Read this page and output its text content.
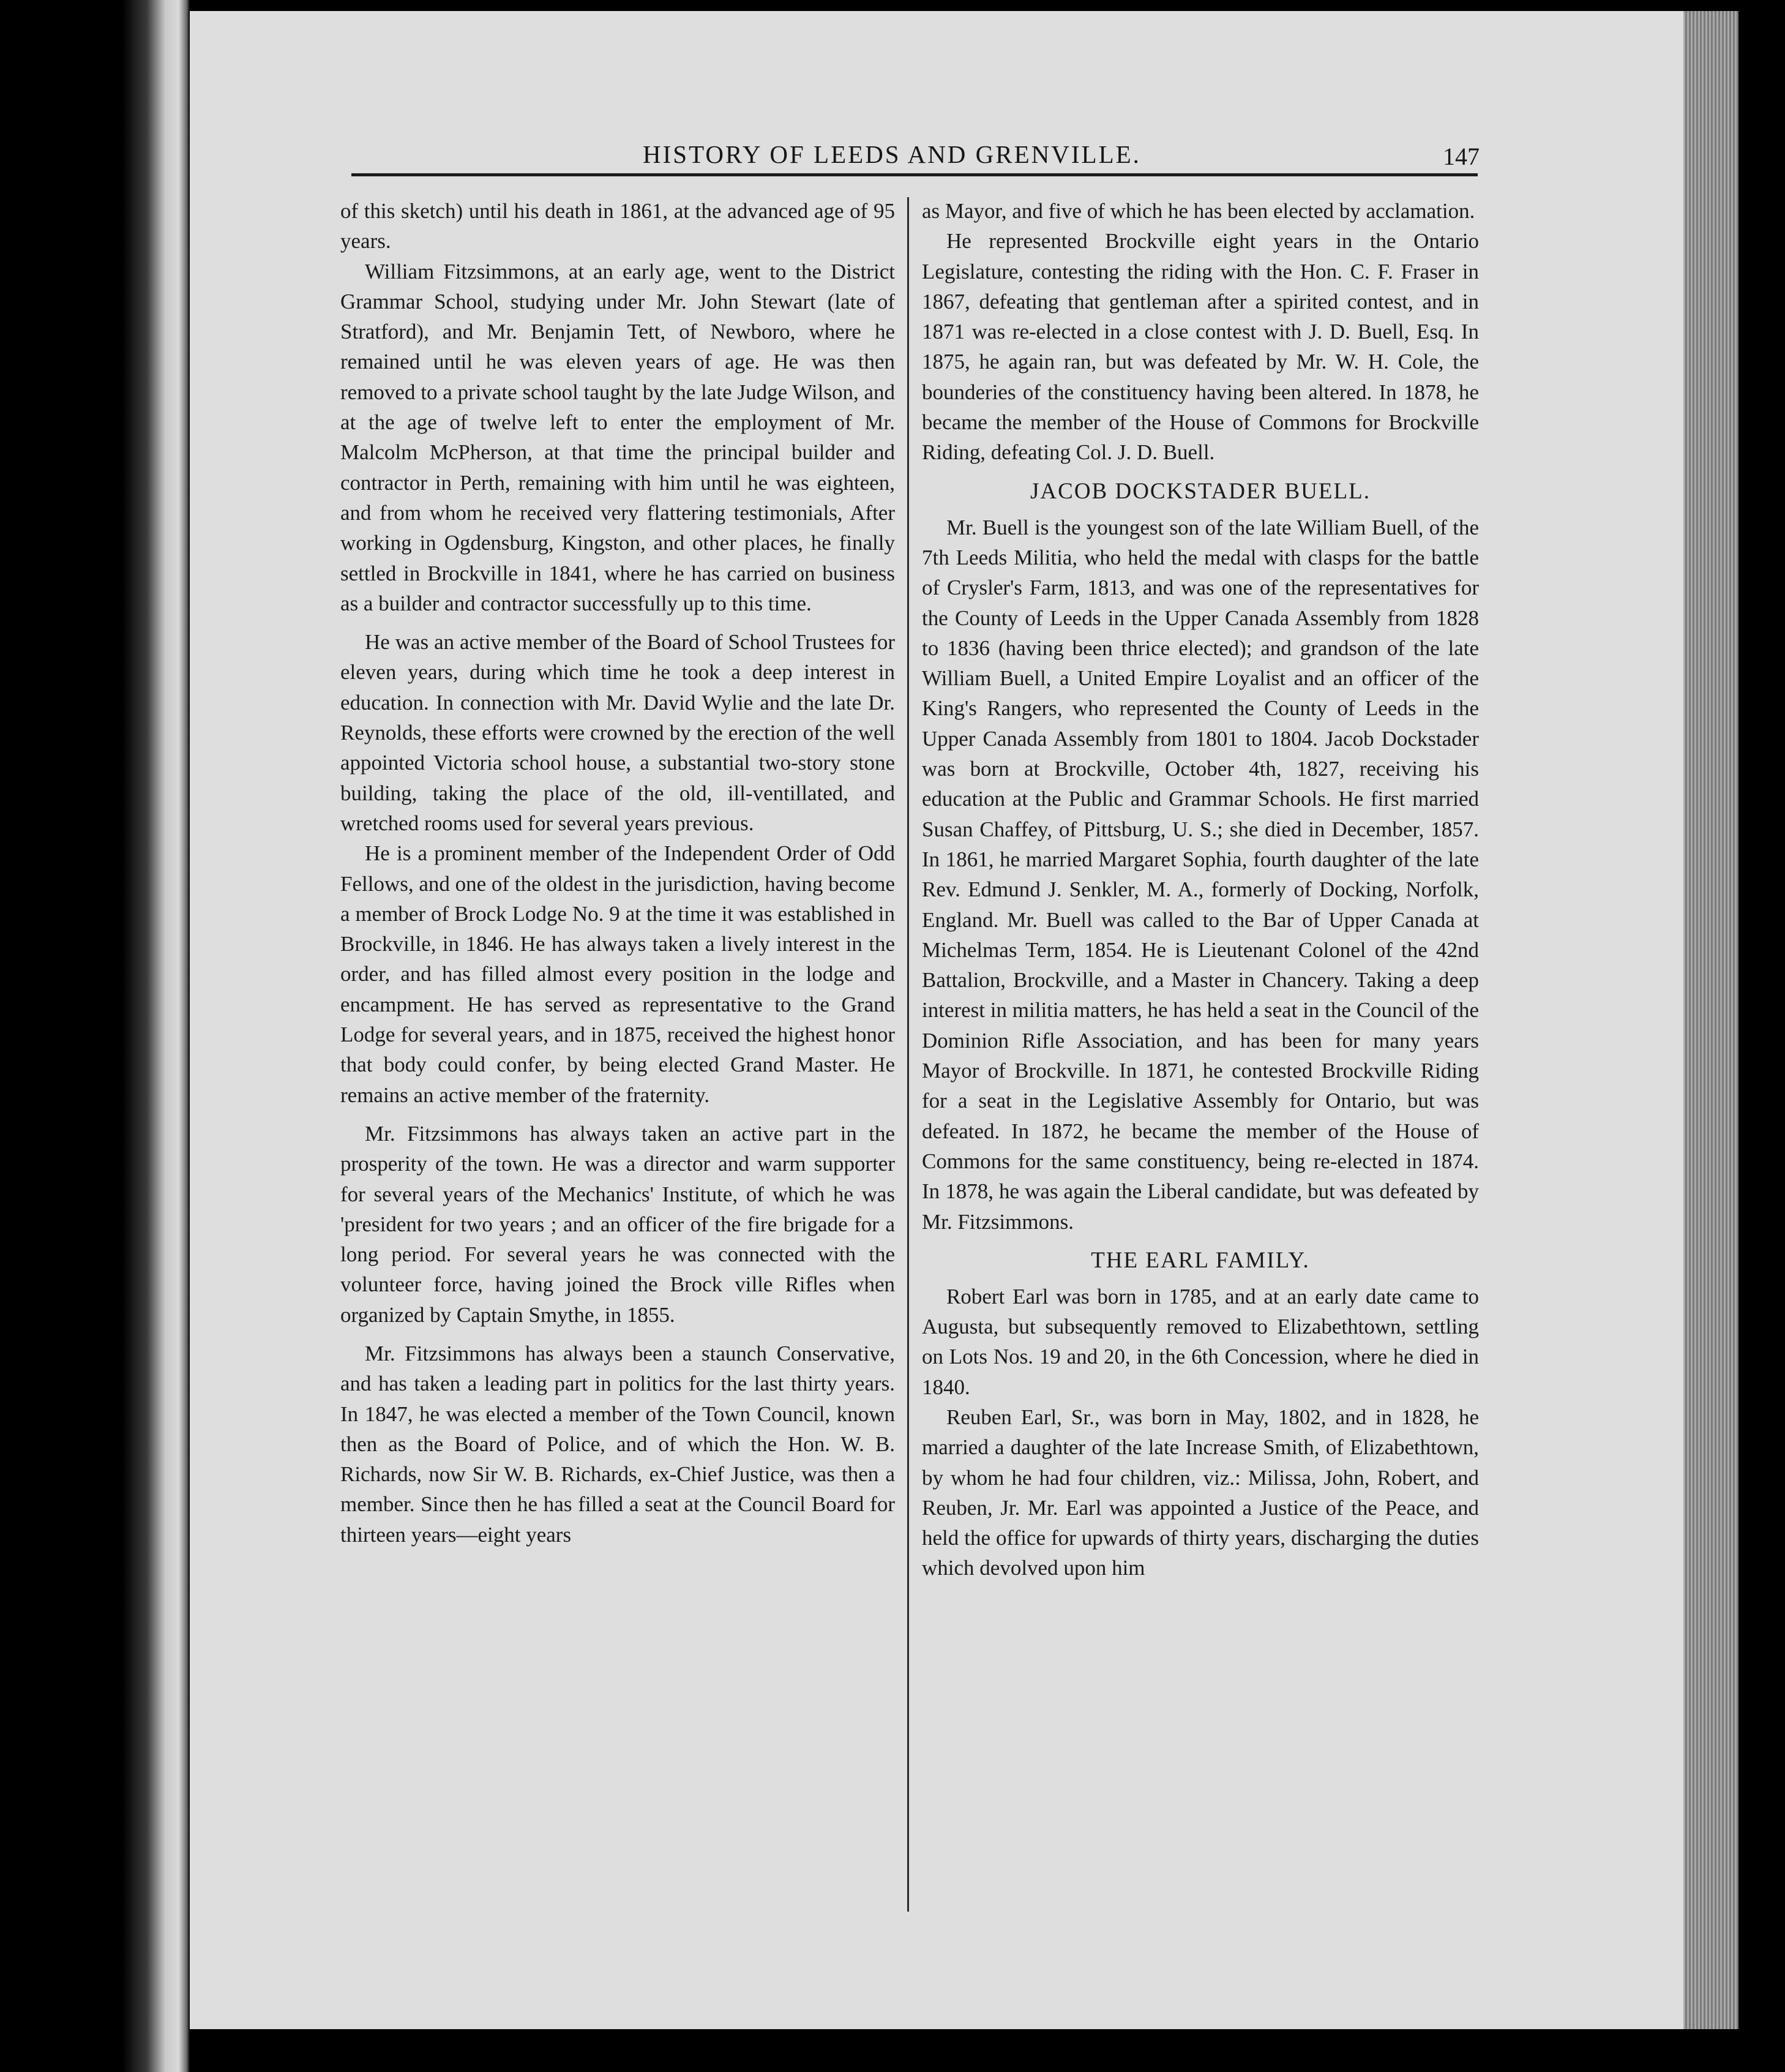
HISTORY OF LEEDS AND GRENVILLE.	147

of this sketch) until his death in 1861, at the advanced age of 95 years.

William Fitzsimmons, at an early age, went to the District Grammar School, studying under Mr. John Stewart (late of Stratford), and Mr. Benjamin Tett, of Newboro, where he remained until he was eleven years of age. He was then removed to a private school taught by the late Judge Wilson, and at the age of twelve left to enter the employment of Mr. Malcolm McPherson, at that time the principal builder and contractor in Perth, remaining with him until he was eighteen, and from whom he received very flattering testimonials, After working in Ogdensburg, Kingston, and other places, he finally settled in Brockville in 1841, where he has carried on business as a builder and contractor successfully up to this time.

He was an active member of the Board of School Trustees for eleven years, during which time he took a deep interest in education. In connection with Mr. David Wylie and the late Dr. Reynolds, these efforts were crowned by the erection of the well appointed Victoria school house, a substantial two-story stone building, taking the place of the old, ill-ventillated, and wretched rooms used for several years previous.

He is a prominent member of the Independent Order of Odd Fellows, and one of the oldest in the jurisdiction, having become a member of Brock Lodge No. 9 at the time it was established in Brockville, in 1846. He has always taken a lively interest in the order, and has filled almost every position in the lodge and encampment. He has served as representative to the Grand Lodge for several years, and in 1875, received the highest honor that body could confer, by being elected Grand Master. He remains an active member of the fraternity.

Mr. Fitzsimmons has always taken an active part in the prosperity of the town. He was a director and warm supporter for several years of the Mechanics' Institute, of which he was 'president for two years ; and an officer of the fire brigade for a long period. For several years he was connected with the volunteer force, having joined the Brock ville Rifles when organized by Captain Smythe, in 1855.

Mr. Fitzsimmons has always been a staunch Conservative, and has taken a leading part in politics for the last thirty years. In 1847, he was elected a member of the Town Council, known then as the Board of Police, and of which the Hon. W. B. Richards, now Sir W. B. Richards, ex-Chief Justice, was then a member. Since then he has filled a seat at the Council Board for thirteen years—eight years

as Mayor, and five of which he has been elected by acclamation.

He represented Brockville eight years in the Ontario Legislature, contesting the riding with the Hon. C. F. Fraser in 1867, defeating that gentleman after a spirited contest, and in 1871 was re-elected in a close contest with J. D. Buell, Esq. In 1875, he again ran, but was defeated by Mr. W. H. Cole, the bounderies of the constituency having been altered. In 1878, he became the member of the House of Commons for Brockville Riding, defeating Col. J. D. Buell.

JACOB DOCKSTADER BUELL.

Mr. Buell is the youngest son of the late William Buell, of the 7th Leeds Militia, who held the medal with clasps for the battle of Crysler's Farm, 1813, and was one of the representatives for the County of Leeds in the Upper Canada Assembly from 1828 to 1836 (having been thrice elected); and grandson of the late William Buell, a United Empire Loyalist and an officer of the King's Rangers, who represented the County of Leeds in the Upper Canada Assembly from 1801 to 1804. Jacob Dockstader was born at Brockville, October 4th, 1827, receiving his education at the Public and Grammar Schools. He first married Susan Chaffey, of Pittsburg, U. S.; she died in December, 1857. In 1861, he married Margaret Sophia, fourth daughter of the late Rev. Edmund J. Senkler, M. A., formerly of Docking, Norfolk, England. Mr. Buell was called to the Bar of Upper Canada at Michelmas Term, 1854. He is Lieutenant Colonel of the 42nd Battalion, Brockville, and a Master in Chancery. Taking a deep interest in militia matters, he has held a seat in the Council of the Dominion Rifle Association, and has been for many years Mayor of Brockville. In 1871, he contested Brockville Riding for a seat in the Legislative Assembly for Ontario, but was defeated. In 1872, he became the member of the House of Commons for the same constituency, being re-elected in 1874. In 1878, he was again the Liberal candidate, but was defeated by Mr. Fitzsimmons.

THE EARL FAMILY.

Robert Earl was born in 1785, and at an early date came to Augusta, but subsequently removed to Elizabethtown, settling on Lots Nos. 19 and 20, in the 6th Concession, where he died in 1840.

Reuben Earl, Sr., was born in May, 1802, and in 1828, he married a daughter of the late Increase Smith, of Elizabethtown, by whom he had four children, viz.: Milissa, John, Robert, and Reuben, Jr. Mr. Earl was appointed a Justice of the Peace, and held the office for upwards of thirty years, discharging the duties which devolved upon him
